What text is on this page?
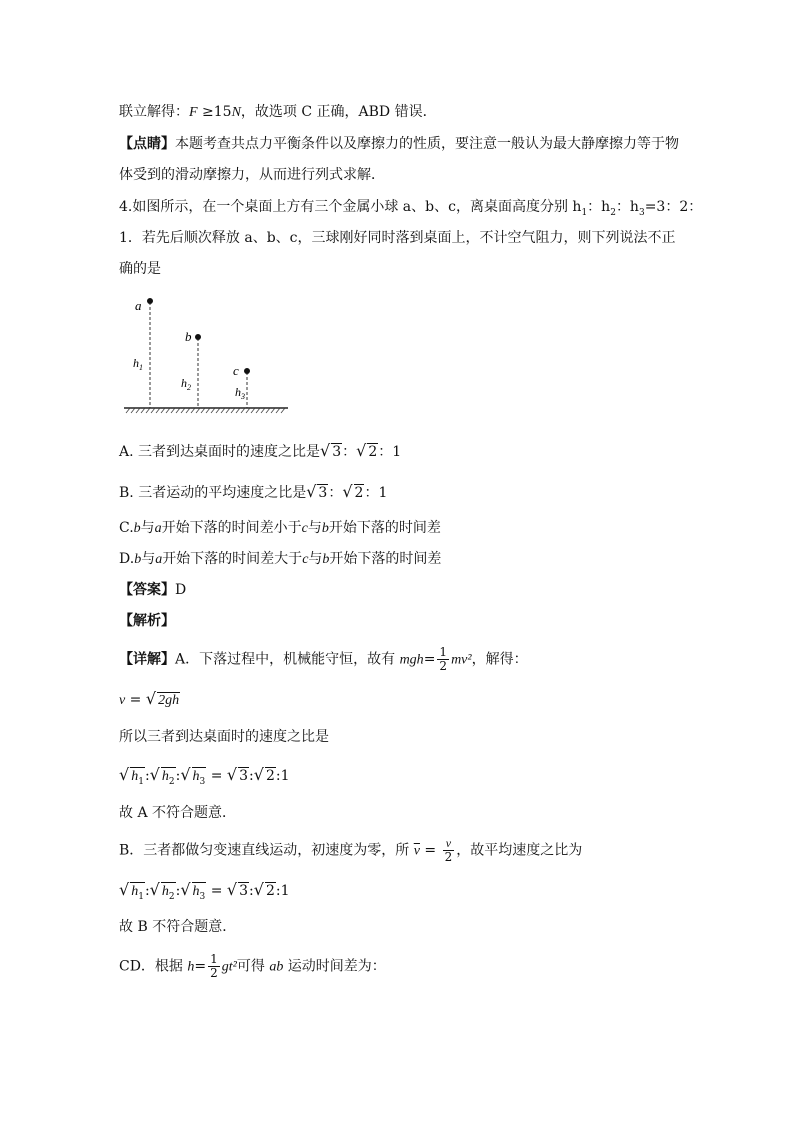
联立解得：F ≥15N，故选项 C 正确，ABD 错误．
【点睛】本题考查共点力平衡条件以及摩擦力的性质，要注意一般认为最大静摩擦力等于物
体受到的滑动摩擦力，从而进行列式求解．
4.如图所示，在一个桌面上方有三个金属小球 a、b、c，离桌面高度分别 $h_1$：$h_2$：$h_3=3$：2：
1．若先后顺次释放 a、b、c，三球刚好同时落到桌面上，不计空气阻力，则下列说法不正
确的是
a
b
c
$h_1$
$h_2$	$h_3$
A. 三者到达桌面时的速度之比是√ 3：√ 2：1
B. 三者运动的平均速度之比是√ 3：√ 2：1
C.b与a开始下落的时间差小于c与b开始下落的时间差
D.b与a开始下落的时间差大于c与b开始下落的时间差
【答案】D
【解析】
【详解】A．下落过程中，机械能守恒，故有 $mgh= \frac{1}{2} mv^2$，解得：
v = √ 2gh
所以三者到达桌面时的速度之比是
√ $h_1:√$ $h_2:√$ $h_3$ = √ 3:√ 2:1
故 A 不符合题意．
B．三者都做匀变速直线运动，初速度为零，所 $\overline{v} = \frac{v}{2}$ ，故平均速度之比为
√ $h_1:√$ $h_2:√$ $h_3$ = √ 3:√ 2:1
故 B 不符合题意．
CD．根据 $h= \frac{1}{2} gt^2$可得 ab 运动时间差为：
